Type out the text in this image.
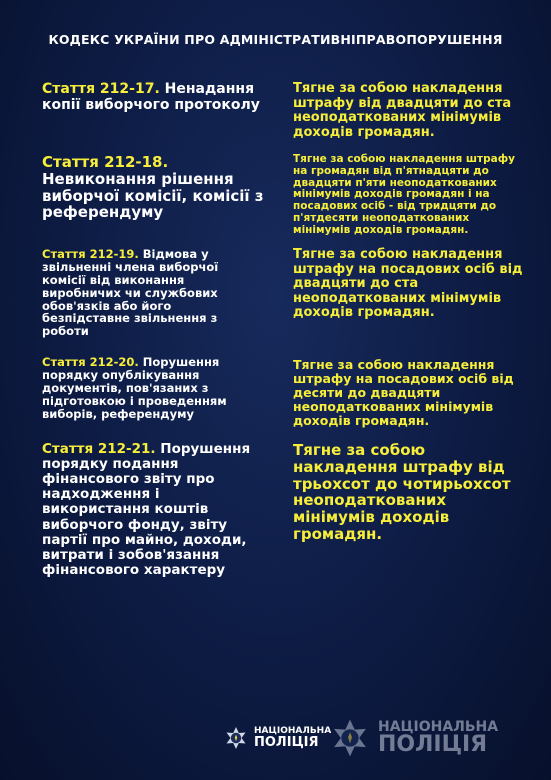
КОДЕКС УКРАЇНИ ПРО АДМІНІСТРАТИВНІПРАВОПОРУШЕННЯ
Стаття 212-17. Ненадання копії виборчого протоколу
Тягне за собою накладення штрафу від двадцяти до ста неоподаткованих мінімумів доходів громадян.
Стаття 212-18. Невиконання рішення виборчої комісії, комісії з референдуму
Тягне за собою накладення штрафу на громадян від п'ятнадцяти до двадцяти п'яти неоподаткованих мінімумів доходів громадян і на посадових осіб - від тридцяти до п'ятдесяти неоподаткованих мінімумів доходів громадян.
Стаття 212-19. Відмова у звільненні члена виборчої комісії від виконання виробничих чи службових обов'язків або його безпідставне звільнення з роботи
Тягне за собою накладення штрафу на посадових осіб від двадцяти до ста неоподаткованих мінімумів доходів громадян.
Стаття 212-20. Порушення порядку опублікування документів, пов'язаних з підготовкою і проведенням виборів, референдуму
Тягне за собою накладення штрафу на посадових осіб від десяти до двадцяти неоподаткованих мінімумів доходів громадян.
Стаття 212-21. Порушення порядку подання фінансового звіту про надходження і використання коштів виборчого фонду, звіту партії про майно, доходи, витрати і зобов'язання фінансового характеру
Тягне за собою накладення штрафу від трьохсот до чотирьохсот неоподаткованих мінімумів доходів громадян.
НАЦІОНАЛЬНА
ПОЛІЦІЯ
НАЦІОНАЛЬНА
ПОЛІЦІЯ
